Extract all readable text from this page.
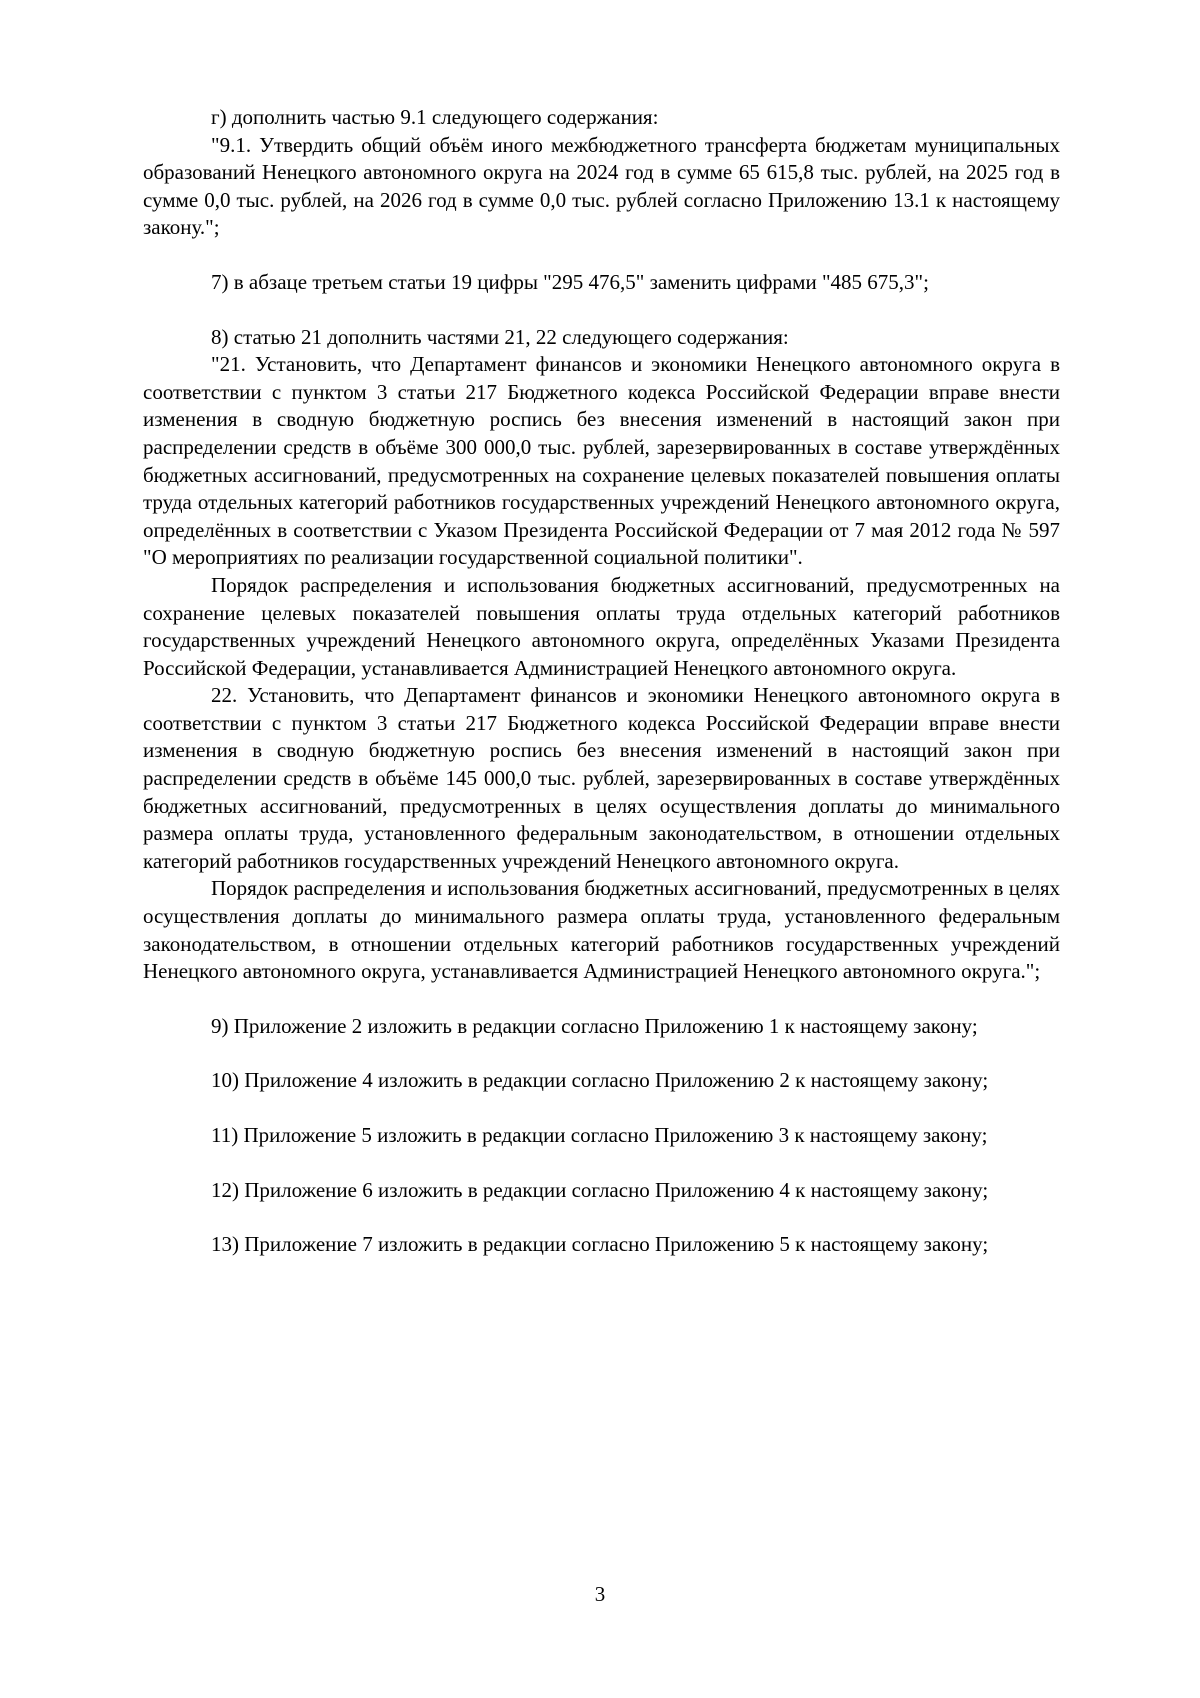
г) дополнить частью 9.1 следующего содержания:

"9.1. Утвердить общий объём иного межбюджетного трансферта бюджетам муниципальных образований Ненецкого автономного округа на 2024 год в сумме 65 615,8 тыс. рублей, на 2025 год в сумме 0,0 тыс. рублей, на 2026 год в сумме 0,0 тыс. рублей согласно Приложению 13.1 к настоящему закону.";

7) в абзаце третьем статьи 19 цифры "295 476,5" заменить цифрами "485 675,3";

8) статью 21 дополнить частями 21, 22 следующего содержания:

"21. Установить, что Департамент финансов и экономики Ненецкого автономного округа в соответствии с пунктом 3 статьи 217 Бюджетного кодекса Российской Федерации вправе внести изменения в сводную бюджетную роспись без внесения изменений в настоящий закон при распределении средств в объёме 300 000,0 тыс. рублей, зарезервированных в составе утверждённых бюджетных ассигнований, предусмотренных на сохранение целевых показателей повышения оплаты труда отдельных категорий работников государственных учреждений Ненецкого автономного округа, определённых в соответствии с Указом Президента Российской Федерации от 7 мая 2012 года № 597 "О мероприятиях по реализации государственной социальной политики".

Порядок распределения и использования бюджетных ассигнований, предусмотренных на сохранение целевых показателей повышения оплаты труда отдельных категорий работников государственных учреждений Ненецкого автономного округа, определённых Указами Президента Российской Федерации, устанавливается Администрацией Ненецкого автономного округа.

22. Установить, что Департамент финансов и экономики Ненецкого автономного округа в соответствии с пунктом 3 статьи 217 Бюджетного кодекса Российской Федерации вправе внести изменения в сводную бюджетную роспись без внесения изменений в настоящий закон при распределении средств в объёме 145 000,0 тыс. рублей, зарезервированных в составе утверждённых бюджетных ассигнований, предусмотренных в целях осуществления доплаты до минимального размера оплаты труда, установленного федеральным законодательством, в отношении отдельных категорий работников государственных учреждений Ненецкого автономного округа.

Порядок распределения и использования бюджетных ассигнований, предусмотренных в целях осуществления доплаты до минимального размера оплаты труда, установленного федеральным законодательством, в отношении отдельных категорий работников государственных учреждений Ненецкого автономного округа, устанавливается Администрацией Ненецкого автономного округа.";

9) Приложение 2 изложить в редакции согласно Приложению 1 к настоящему закону;

10) Приложение 4 изложить в редакции согласно Приложению 2 к настоящему закону;

11) Приложение 5 изложить в редакции согласно Приложению 3 к настоящему закону;

12) Приложение 6 изложить в редакции согласно Приложению 4 к настоящему закону;

13) Приложение 7 изложить в редакции согласно Приложению 5 к настоящему закону;

3
